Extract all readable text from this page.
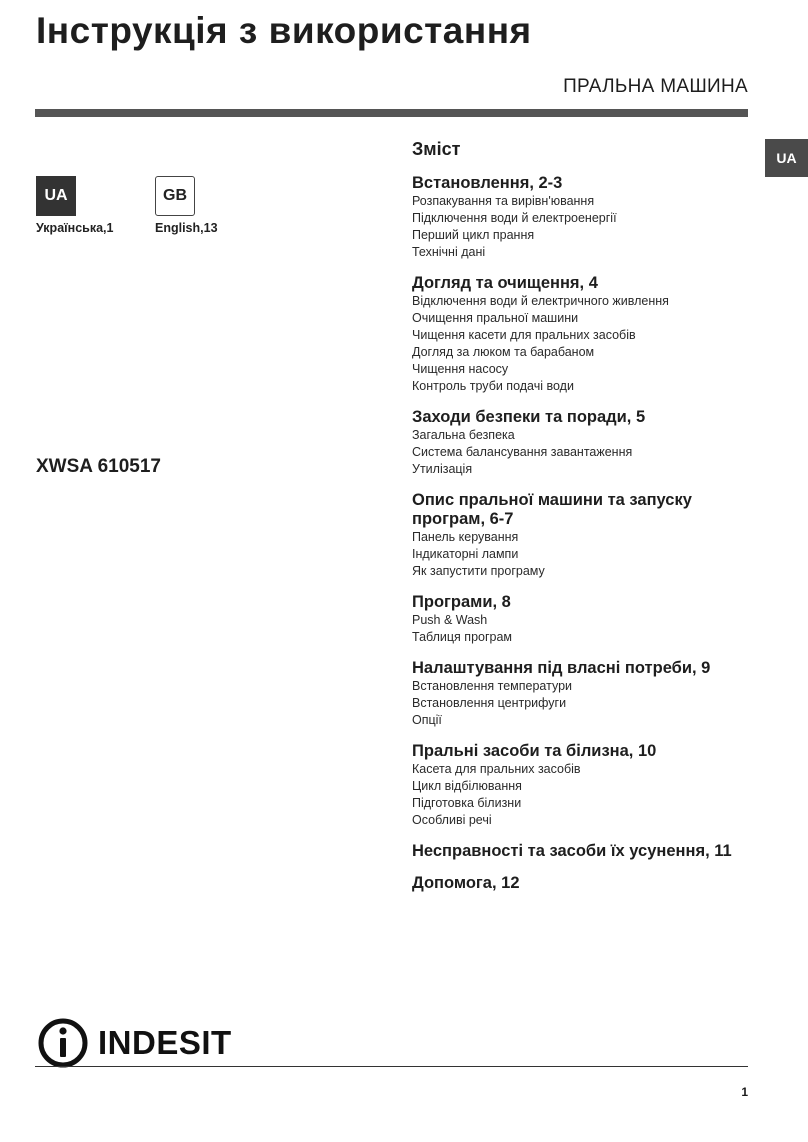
Інструкція з використання
ПРАЛЬНА МАШИНА
UA
UA
Українська,1
GB
English,13
XWSA 610517
Зміст
Встановлення, 2-3
Розпакування та вирівн'ювання
Підключення води й електроенергії
Перший цикл прання
Технічні дані
Догляд та очищення, 4
Відключення води й електричного живлення
Очищення пральної машини
Чищення касети для пральних засобів
Догляд за люком та барабаном
Чищення насосу
Контроль труби подачі води
Заходи безпеки та поради, 5
Загальна безпека
Система балансування завантаження
Утилізація
Опис пральної машини та запуску програм, 6-7
Панель керування
Індикаторні лампи
Як запустити програму
Програми, 8
Push & Wash
Таблиця програм
Налаштування під власні потреби, 9
Встановлення температури
Встановлення центрифуги
Опції
Пральні засоби та білизна, 10
Касета для пральних засобів
Цикл відбілювання
Підготовка білизни
Особливі речі
Несправності та засоби їх усунення, 11
Допомога, 12
INDESIT
1
